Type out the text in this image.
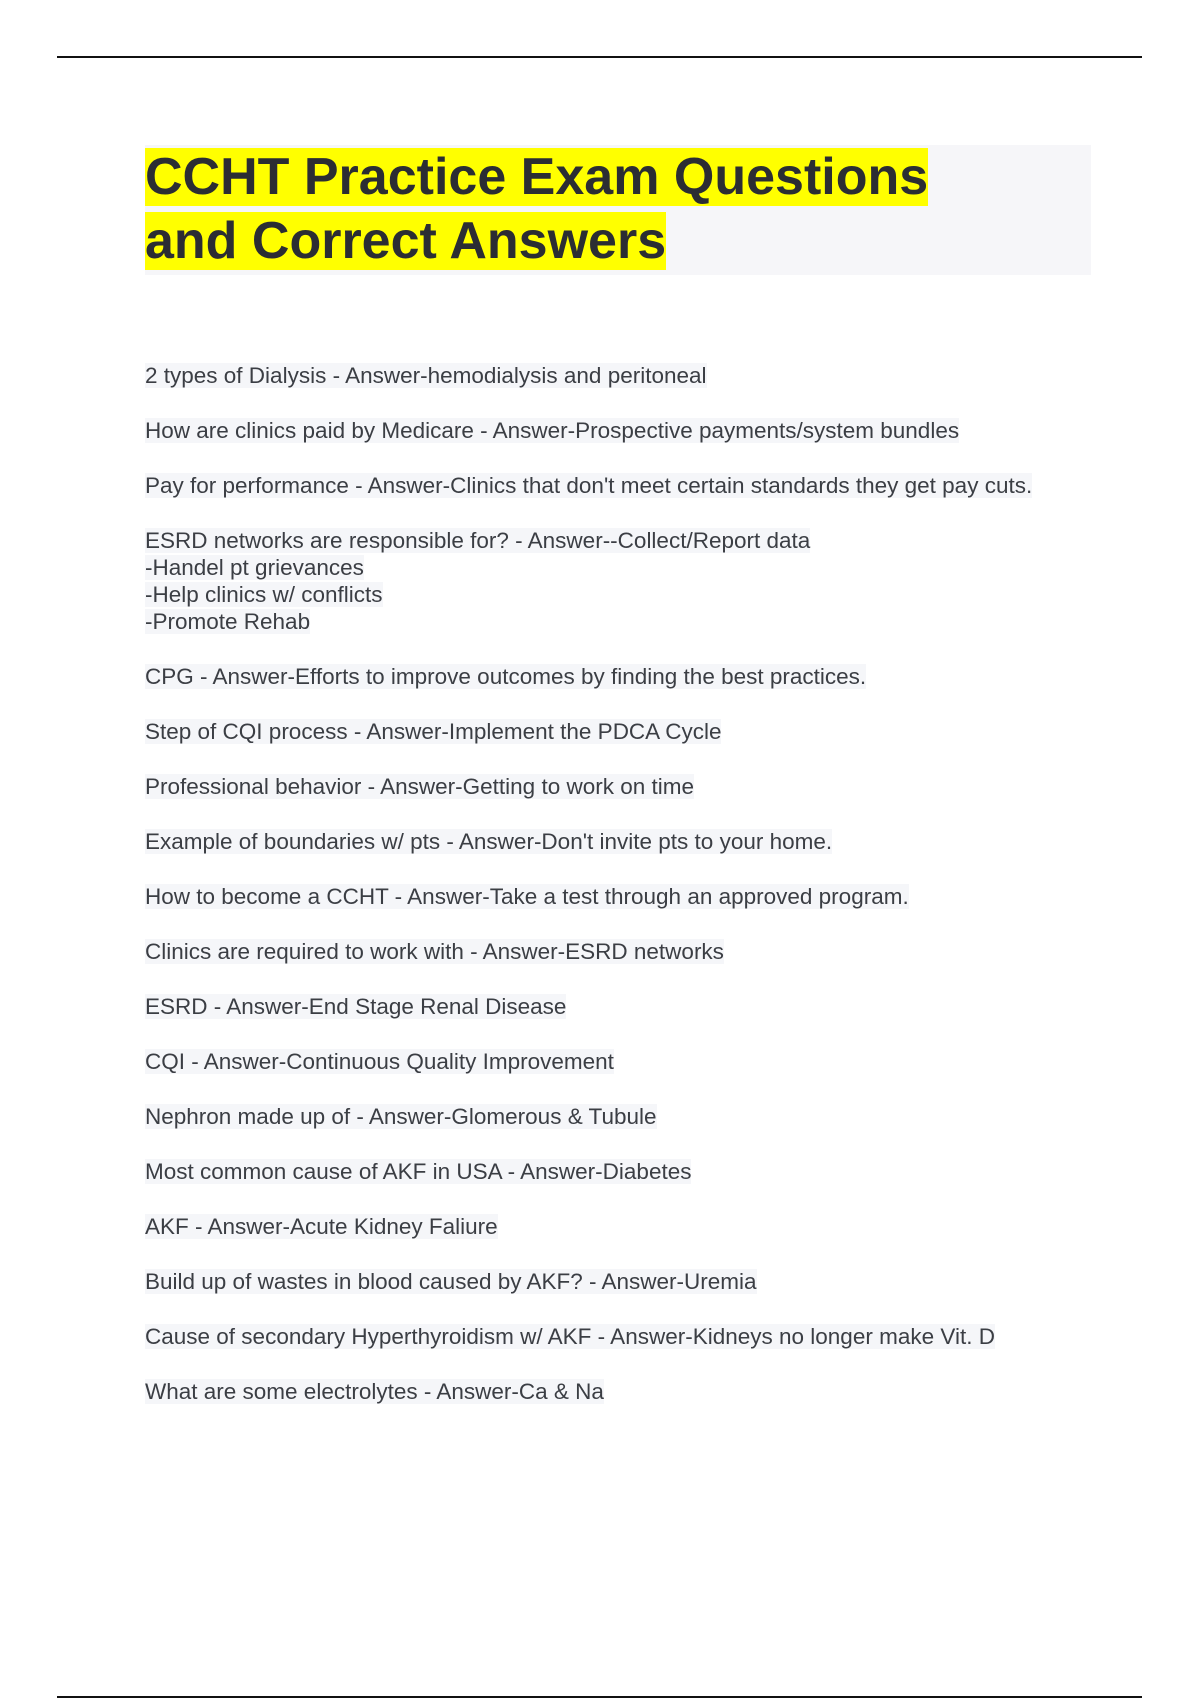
CCHT Practice Exam Questions
and Correct Answers
2 types of Dialysis - Answer-hemodialysis and peritoneal
How are clinics paid by Medicare - Answer-Prospective payments/system bundles
Pay for performance - Answer-Clinics that don't meet certain standards they get pay cuts.
ESRD networks are responsible for? - Answer--Collect/Report data
-Handel pt grievances
-Help clinics w/ conflicts
-Promote Rehab
CPG - Answer-Efforts to improve outcomes by finding the best practices.
Step of CQI process - Answer-Implement the PDCA Cycle
Professional behavior - Answer-Getting to work on time
Example of boundaries w/ pts - Answer-Don't invite pts to your home.
How to become a CCHT - Answer-Take a test through an approved program.
Clinics are required to work with - Answer-ESRD networks
ESRD - Answer-End Stage Renal Disease
CQI - Answer-Continuous Quality Improvement
Nephron made up of - Answer-Glomerous & Tubule
Most common cause of AKF in USA - Answer-Diabetes
AKF - Answer-Acute Kidney Faliure
Build up of wastes in blood caused by AKF? - Answer-Uremia
Cause of secondary Hyperthyroidism w/ AKF - Answer-Kidneys no longer make Vit. D
What are some electrolytes - Answer-Ca & Na
